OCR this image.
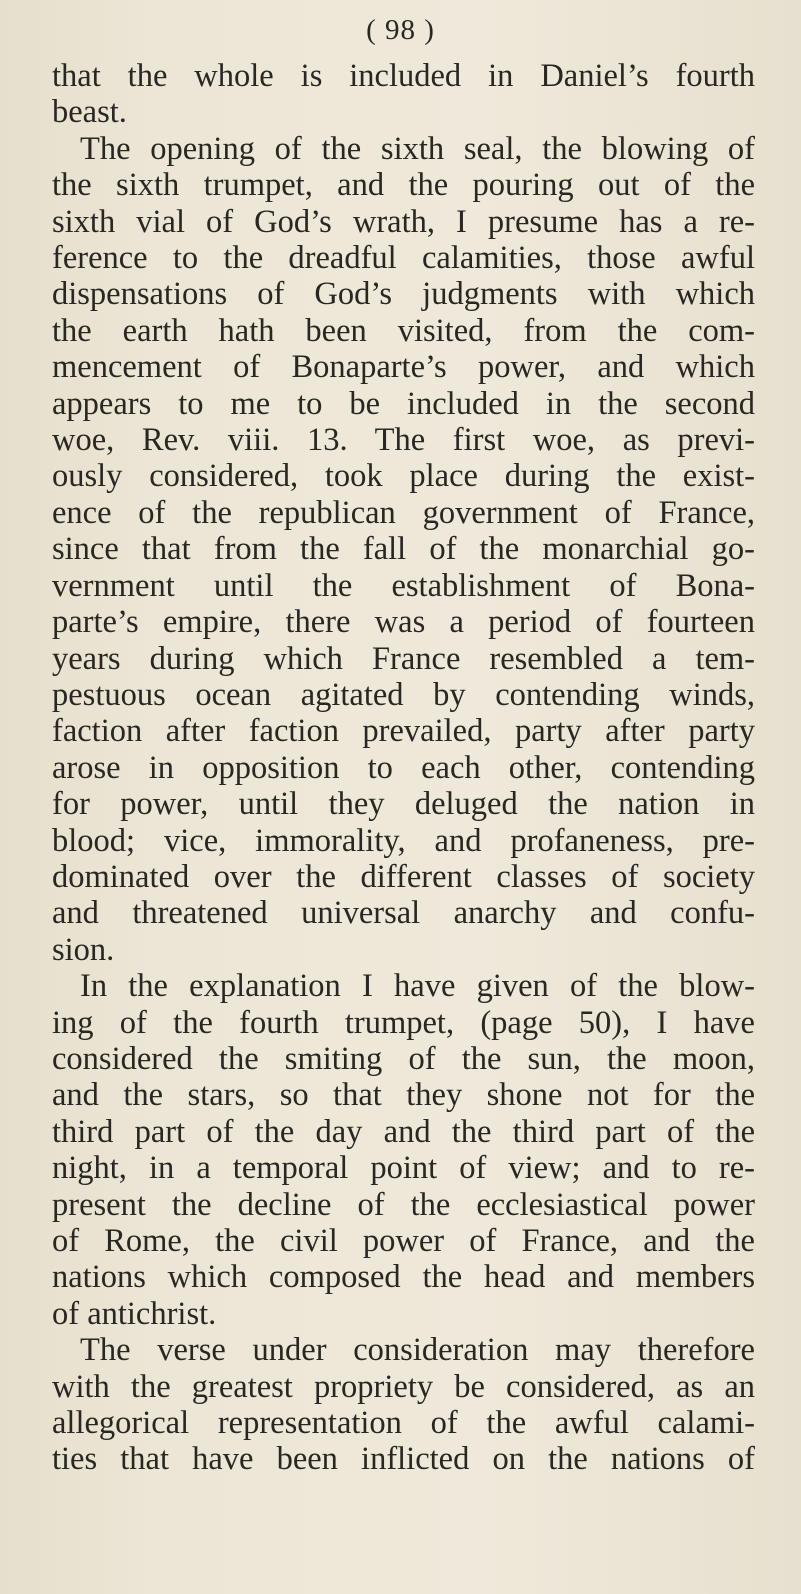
( 98 )
that the whole is included in Daniel’s fourth
beast.
The opening of the sixth seal, the blowing of
the sixth trumpet, and the pouring out of the
sixth vial of God’s wrath, I presume has a re-
ference to the dreadful calamities, those awful
dispensations of God’s judgments with which
the earth hath been visited, from the com-
mencement of Bonaparte’s power, and which
appears to me to be included in the second
woe, Rev. viii. 13. The first woe, as previ-
ously considered, took place during the exist-
ence of the republican government of France,
since that from the fall of the monarchial go-
vernment until the establishment of Bona-
parte’s empire, there was a period of fourteen
years during which France resembled a tem-
pestuous ocean agitated by contending winds,
faction after faction prevailed, party after party
arose in opposition to each other, contending
for power, until they deluged the nation in
blood; vice, immorality, and profaneness, pre-
dominated over the different classes of society
and threatened universal anarchy and confu-
sion.
In the explanation I have given of the blow-
ing of the fourth trumpet, (page 50), I have
considered the smiting of the sun, the moon,
and the stars, so that they shone not for the
third part of the day and the third part of the
night, in a temporal point of view; and to re-
present the decline of the ecclesiastical power
of Rome, the civil power of France, and the
nations which composed the head and members
of antichrist.
The verse under consideration may therefore
with the greatest propriety be considered, as an
allegorical representation of the awful calami-
ties that have been inflicted on the nations of
